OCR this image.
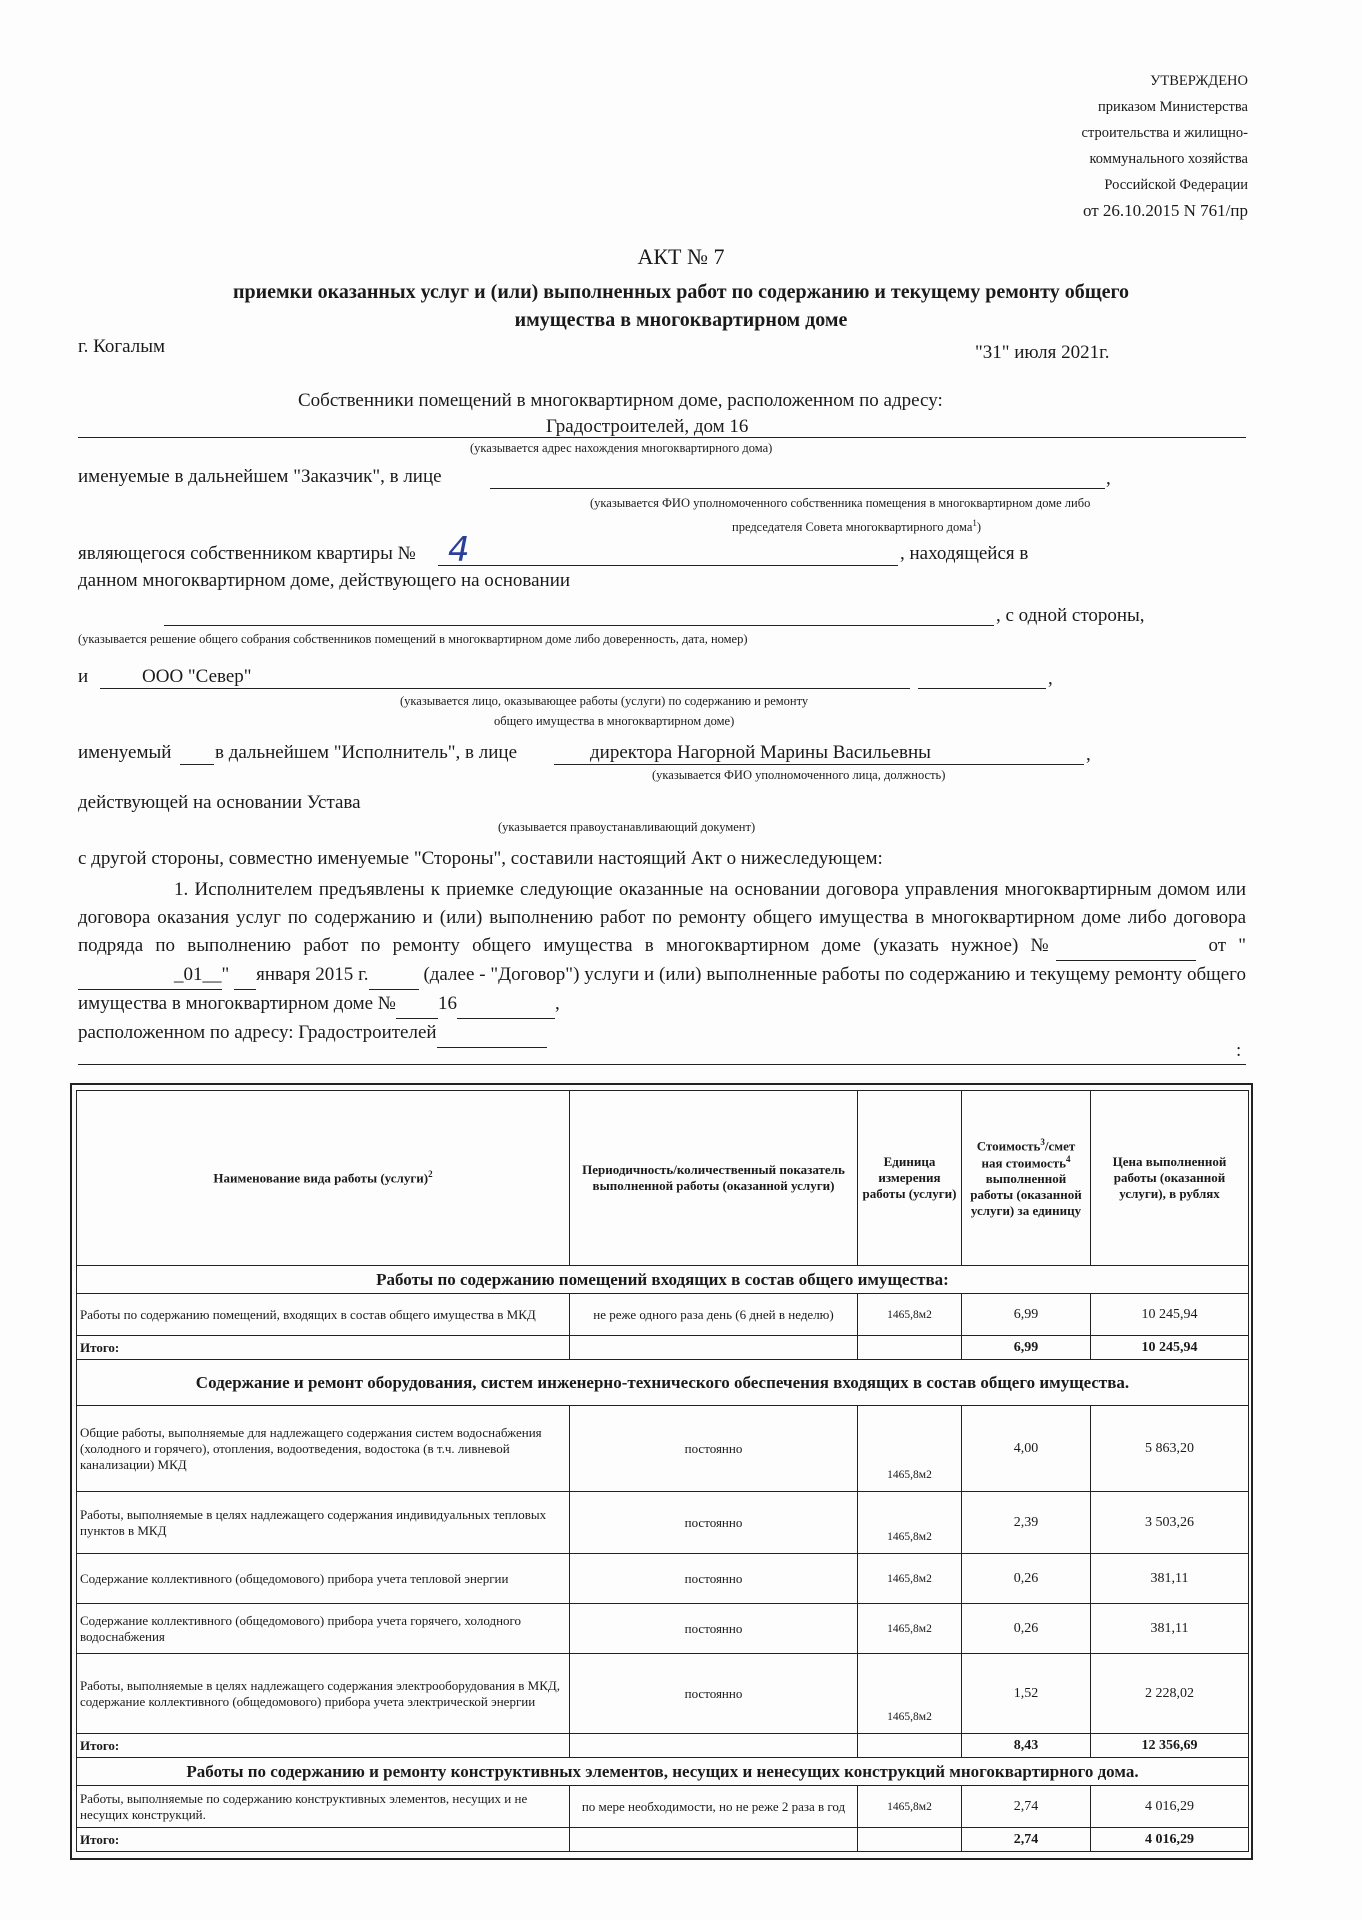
УТВЕРЖДЕНО
приказом Министерства
строительства и жилищно-
коммунального хозяйства
Российской Федерации
от 26.10.2015 N 761/пр
АКТ № 7
приемки оказанных услуг и (или) выполненных работ по содержанию и текущему ремонту общего
имущества в многоквартирном доме
г. Когалым	"31" июля 2021г.
Собственники помещений в многоквартирном доме, расположенном по адресу:
Градостроителей, дом 16
(указывается адрес нахождения многоквартирного дома)
именуемые в дальнейшем "Заказчик", в лице	,
(указывается ФИО уполномоченного собственника помещения в многоквартирном доме либо
председателя Совета многоквартирного дома$^1$)
являющегося собственником квартиры № 4	, находящейся в
данном многоквартирном доме, действующего на основании
, с одной стороны,
(указывается решение общего собрания собственников помещений в многоквартирном доме либо доверенность, дата, номер)
и	,
ООО "Север"
(указывается лицо, оказывающее работы (услуги) по содержанию и ремонту
общего имущества в многоквартирном доме)
именуемый в дальнейшем "Исполнитель", в лице	директора Нагорной Марины Васильевны	,
(указывается ФИО уполномоченного лица, должность)
действующей на основании Устава
(указывается правоустанавливающий документ)
с другой стороны, совместно именуемые "Стороны", составили настоящий Акт о нижеследующем:
1. Исполнителем предъявлены к приемке следующие оказанные на основании договора управления многоквартирным домом или договора оказания услуг по содержанию и (или) выполнению работ по ремонту общего имущества в многоквартирном доме либо договора подряда по выполнению работ по ремонту общего имущества в многоквартирном доме (указать нужное) №	от "_01__"  января 2015 г.	(далее - "Договор") услуги и (или) выполненные работы по содержанию и текущему ремонту общего имущества в многоквартирном доме № 16	,
расположенном по адресу: Градостроителей
:
Наименование вида работы (услуги)$^2$	Периодичность/количественный показатель выполненной работы (оказанной услуги)	Единица измерения работы (услуги)	Стоимость$^3$/смет ная стоимость$^4$ выполненной работы (оказанной услуги) за единицу	Цена выполненной работы (оказанной услуги), в рублях
Работы по содержанию помещений входящих в состав общего имущества:				
Работы по содержанию помещений, входящих в состав общего имущества в МКД	не реже одного раза день (6 дней в неделю)	1465,8м2	6,99	10 245,94
Итого:			6,99	10 245,94
Содержание и ремонт оборудования, систем инженерно-технического обеспечения входящих в состав общего имущества.				
Общие работы, выполняемые для надлежащего содержания систем водоснабжения (холодного и горячего), отопления, водоотведения, водостока (в т.ч. ливневой канализации) МКД	постоянно	1465,8м2	4,00	5 863,20
Работы, выполняемые в целях надлежащего содержания индивидуальных тепловых пунктов в МКД	постоянно	1465,8м2	2,39	3 503,26
Содержание коллективного (общедомового) прибора учета тепловой энергии	постоянно	1465,8м2	0,26	381,11
Содержание коллективного (общедомового) прибора учета горячего, холодного водоснабжения	постоянно	1465,8м2	0,26	381,11
Работы, выполняемые в целях надлежащего содержания электрооборудования в МКД, содержание коллективного (общедомового) прибора учета электрической энергии	постоянно	1465,8м2	1,52	2 228,02
Итого:			8,43	12 356,69
Работы по содержанию и ремонту конструктивных элементов, несущих и ненесущих конструкций многоквартирного дома.				
Работы, выполняемые по содержанию конструктивных элементов, несущих и не несущих конструкций.	по мере необходимости, но не реже 2 раза в год	1465,8м2	2,74	4 016,29
Итого:			2,74	4 016,29
